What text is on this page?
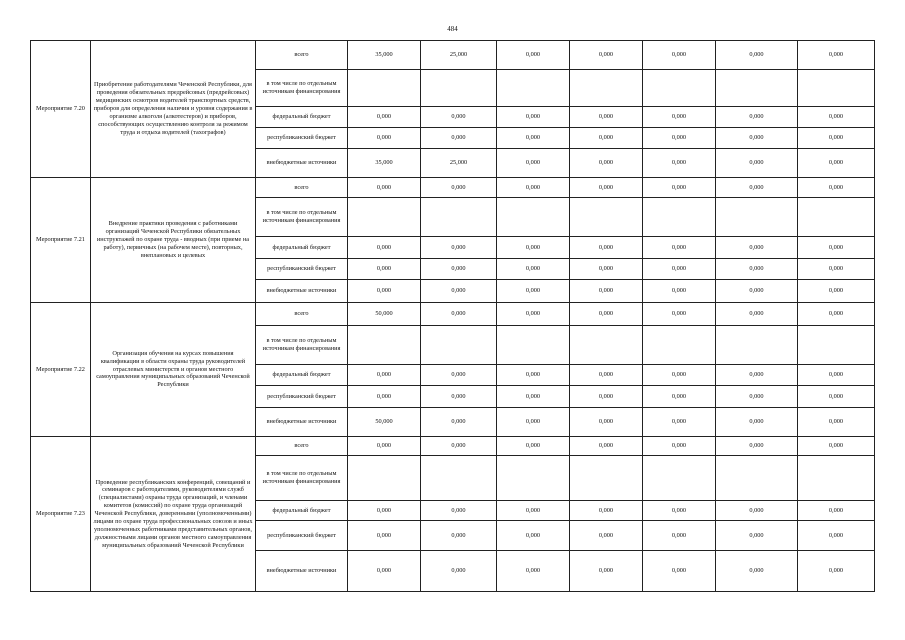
484
Мероприятие 7.20	Приобретение работодателями Чеченской Республики, для проведения обязательных предрейсовых (предрейсовых) медицинских осмотров водителей транспортных средств, приборов для определения наличия и уровня содержания в организме алкоголя (алкотестеров) и приборов, способствующих осуществлению контроля за режимом труда и отдыха водителей (тахографов)	всего	35,000	25,000	0,000	0,000	0,000	0,000	0,000
		в том числе по отдельным источникам финансирования							
		федеральный бюджет	0,000	0,000	0,000	0,000	0,000	0,000	0,000
		республиканский бюджет	0,000	0,000	0,000	0,000	0,000	0,000	0,000
		внебюджетные источники	35,000	25,000	0,000	0,000	0,000	0,000	0,000
Мероприятие 7.21	Внедрение практики проведения с работниками организаций Чеченской Республики обязательных инструктажей по охране труда - вводных (при приеме на работу), первичных (на рабочем месте), повторных, внеплановых и целевых	всего	0,000	0,000	0,000	0,000	0,000	0,000	0,000
		в том числе по отдельным источникам финансирования							
		федеральный бюджет	0,000	0,000	0,000	0,000	0,000	0,000	0,000
		республиканский бюджет	0,000	0,000	0,000	0,000	0,000	0,000	0,000
		внебюджетные источники	0,000	0,000	0,000	0,000	0,000	0,000	0,000
Мероприятие 7.22	Организация обучения на курсах повышения квалификации в области охраны труда руководителей отраслевых министерств и органов местного самоуправления муниципальных образований Чеченской Республики	всего	50,000	0,000	0,000	0,000	0,000	0,000	0,000
		в том числе по отдельным источникам финансирования							
		федеральный бюджет	0,000	0,000	0,000	0,000	0,000	0,000	0,000
		республиканский бюджет	0,000	0,000	0,000	0,000	0,000	0,000	0,000
		внебюджетные источники	50,000	0,000	0,000	0,000	0,000	0,000	0,000
Мероприятие 7.23	Проведение республиканских конференций, совещаний и семинаров с работодателями, руководителями служб (специалистами) охраны труда организаций, и членами комитетов (комиссий) по охране труда организаций Чеченской Республики, доверенными (уполномоченными) лицами по охране труда профессиональных союзов и иных уполномоченных работниками представительных органов, должностными лицами органов местного самоуправления муниципальных образований Чеченской Республики	всего	0,000	0,000	0,000	0,000	0,000	0,000	0,000
		в том числе по отдельным источникам финансирования							
		федеральный бюджет	0,000	0,000	0,000	0,000	0,000	0,000	0,000
		республиканский бюджет	0,000	0,000	0,000	0,000	0,000	0,000	0,000
		внебюджетные источники	0,000	0,000	0,000	0,000	0,000	0,000	0,000
